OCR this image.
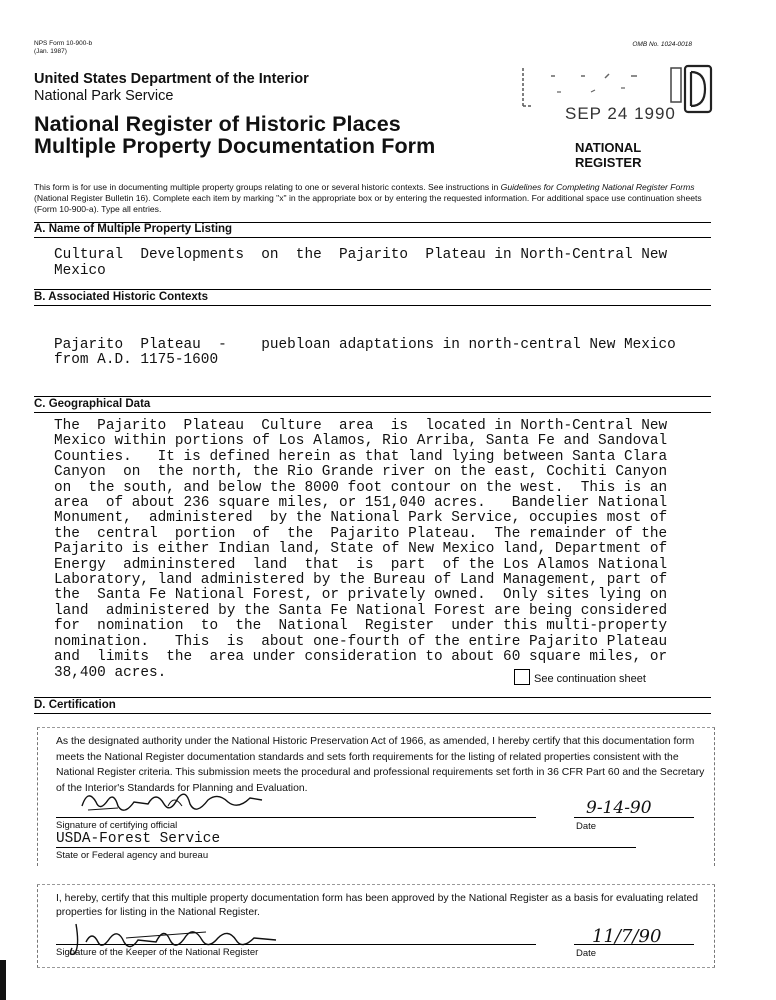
NPS Form 10-900-b
(Jan. 1987)
OMB No. 1024-0018
United States Department of the Interior
National Park Service
National Register of Historic Places
Multiple Property Documentation Form
SEP 24 1990
NATIONAL
REGISTER
This form is for use in documenting multiple property groups relating to one or several historic contexts. See instructions in Guidelines for Completing National Register Forms (National Register Bulletin 16). Complete each item by marking "x" in the appropriate box or by entering the requested information. For additional space use continuation sheets (Form 10-900-a). Type all entries.
A. Name of Multiple Property Listing
Cultural  Developments  on  the  Pajarito  Plateau in North-Central New
Mexico
B. Associated Historic Contexts
Pajarito  Plateau  -    puebloan adaptations in north-central New Mexico
from A.D. 1175-1600
C. Geographical Data
The  Pajarito  Plateau  Culture  area  is  located in North-Central New
Mexico within portions of Los Alamos, Rio Arriba, Santa Fe and Sandoval
Counties.   It is defined herein as that land lying between Santa Clara
Canyon  on  the north, the Rio Grande river on the east, Cochiti Canyon
on  the south, and below the 8000 foot contour on the west.  This is an
area  of about 236 square miles, or 151,040 acres.   Bandelier National
Monument,  administered  by the National Park Service, occupies most of
the  central  portion  of  the  Pajarito Plateau.  The remainder of the
Pajarito is either Indian land, State of New Mexico land, Department of
Energy  admininstered  land  that  is  part  of the Los Alamos National
Laboratory, land administered by the Bureau of Land Management, part of
the  Santa Fe National Forest, or privately owned.  Only sites lying on
land  administered by the Santa Fe National Forest are being considered
for  nomination  to  the  National  Register  under this multi-property
nomination.   This  is  about one-fourth of the entire Pajarito Plateau
and  limits  the  area under consideration to about 60 square miles, or
38,400 acres.	See continuation sheet
D. Certification
As the designated authority under the National Historic Preservation Act of 1966, as amended, I hereby certify that this documentation form meets the National Register documentation standards and sets forth requirements for the listing of related properties consistent with the National Register criteria. This submission meets the procedural and professional requirements set forth in 36 CFR Part 60 and the Secretary of the Interior's Standards for Planning and Evaluation.
Signature of certifying official
9-14-90
Date
USDA-Forest Service
State or Federal agency and bureau
I, hereby, certify that this multiple property documentation form has been approved by the National Register as a basis for evaluating related properties for listing in the National Register.
Signature of the Keeper of the National Register
11/7/90
Date
